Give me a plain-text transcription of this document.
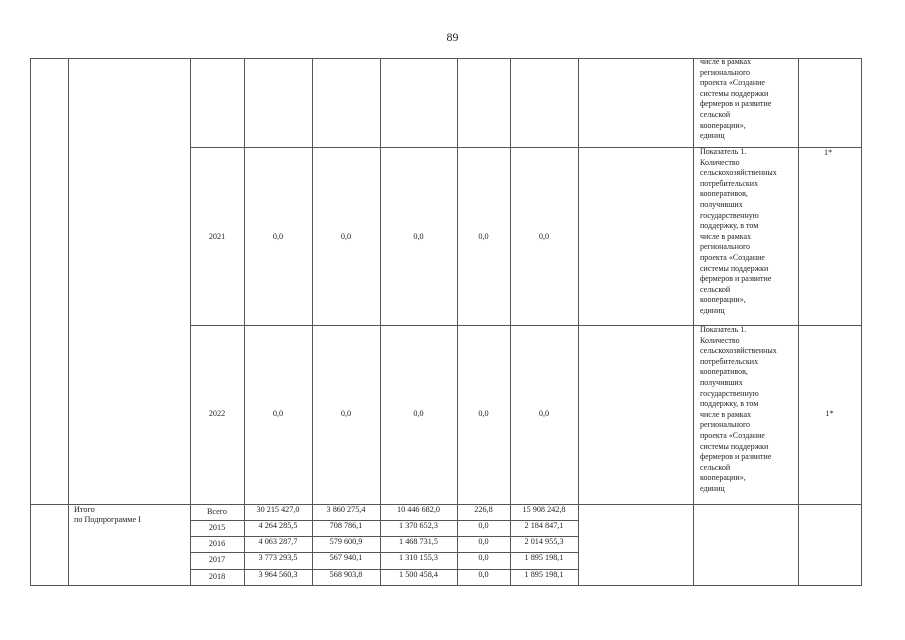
89
числе в рамках
регионального
проекта «Создание
системы поддержки
фермеров и развитие
сельской
кооперации»,
единиц
2021	0,0	0,0	0,0	0,0	0,0
Показатель 1.
Количество
сельскохозяйственных
потребительских
кооперативов,
получивших
государственную
поддержку, в том
числе в рамках
регионального
проекта «Создание
системы поддержки
фермеров и развитие
сельской
кооперации»,
единиц
1*
2022	0,0	0,0	0,0	0,0	0,0
Показатель 1.
Количество
сельскохозяйственных
потребительских
кооперативов,
получивших
государственную
поддержку, в том
числе в рамках
регионального
проекта «Создание
системы поддержки
фермеров и развитие
сельской
кооперации»,
единиц
1*
Итого
по Подпрограмме I
Всего	30 215 427,0	3 860 275,4	10 446 682,0	226,8	15 908 242,8
2015	4 264 285,5	708 786,1	1 370 652,3	0,0	2 184 847,1
2016	4 063 287,7	579 600,9	1 468 731,5	0,0	2 014 955,3
2017	3 773 293,5	567 940,1	1 310 155,3	0,0	1 895 198,1
2018	3 964 560,3	568 903,8	1 500 458,4	0,0	1 895 198,1
